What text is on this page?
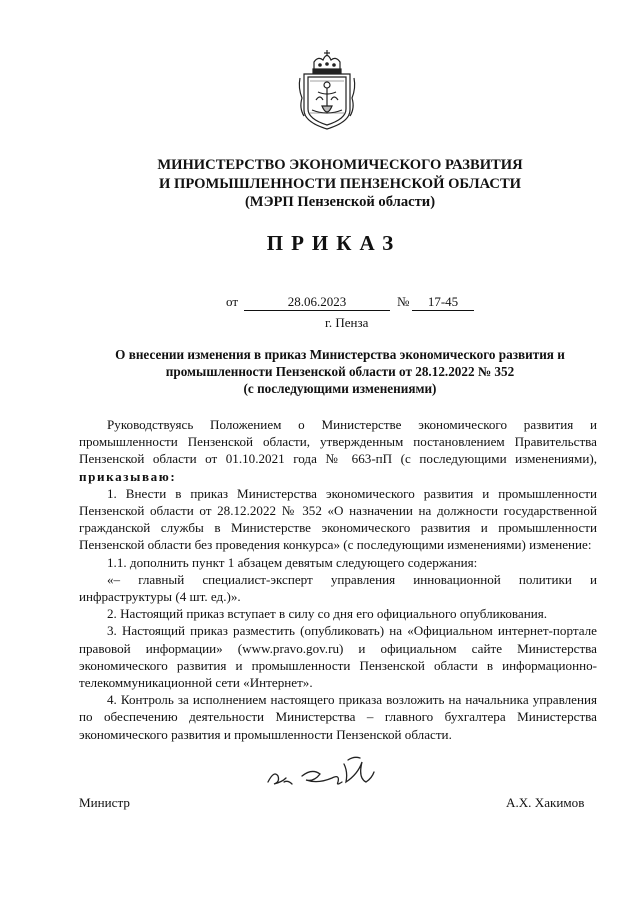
МИНИСТЕРСТВО ЭКОНОМИЧЕСКОГО РАЗВИТИЯ
И ПРОМЫШЛЕННОСТИ ПЕНЗЕНСКОЙ ОБЛАСТИ
(МЭРП Пензенской области)
ПРИКАЗ
от	28.06.2023	№	17-45
г. Пенза
О внесении изменения в приказ Министерства экономического развития и
промышленности Пензенской области от 28.12.2022 № 352
(с последующими изменениями)

Руководствуясь Положением о Министерстве экономического развития и промышленности Пензенской области, утвержденным постановлением Правительства Пензенской области от 01.10.2021 года № 663-пП (с последующими изменениями), приказываю:

1. Внести в приказ Министерства экономического развития и промышленности Пензенской области от 28.12.2022 № 352 «О назначении на должности государственной гражданской службы в Министерстве экономического развития и промышленности Пензенской области без проведения конкурса» (с последующими изменениями) изменение:

1.1. дополнить пункт 1 абзацем девятым следующего содержания:

«– главный специалист-эксперт управления инновационной политики и инфраструктуры (4 шт. ед.)».

2. Настоящий приказ вступает в силу со дня его официального опубликования.

3. Настоящий приказ разместить (опубликовать) на «Официальном интернет-портале правовой информации» (www.pravo.gov.ru) и официальном сайте Министерства экономического развития и промышленности Пензенской области в информационно-телекоммуникационной сети «Интернет».

4. Контроль за исполнением настоящего приказа возложить на начальника управления по обеспечению деятельности Министерства – главного бухгалтера Министерства экономического развития и промышленности Пензенской области.

Министр	А.Х. Хакимов
